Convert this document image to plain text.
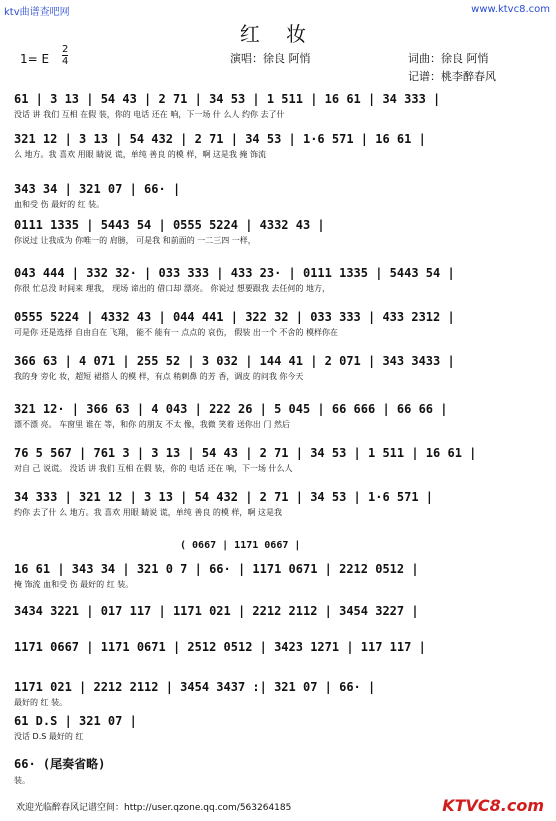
ktv曲谱查吧网	www.ktvc8.com
红 妆
1= E
2
4	演唱：徐良 阿悄	词曲：徐良 阿悄
记谱：桃李醉春风
61 | 3 13 | 54 43 | 2 71 | 34 53 | 1 511 | 16 61 | 34 333 |
没话 讲 我们 互相 在假 装，你的 电话 还在 响，下一场 什 么人 约你 去了什
321 12 | 3 13 | 54 432 | 2 71 | 34 53 | 1·6 571 | 16 61 |
么 地方。我 喜欢 用眼 睛说 谎，单纯 善良 的模 样，啊 这是我 掩 饰流
343 34 | 321 07 | 66· |
血和受 伤 最好的 红 装。
0111 1335 | 5443 54 | 0555 5224 | 4332 43 |
你说过 让我成为 你唯一的 肩膀， 可是我 和前面的 一二三四 一样，
043 444 | 332 32· | 033 333 | 433 23· | 0111 1335 | 5443 54 |
你很 忙总没 时间来 理我， 现场 谛出的 借口却 漂亮。 你说过 想要跟我 去任何的 地方，
0555 5224 | 4332 43 | 044 441 | 322 32 | 033 333 | 433 2312 |
可是你 还是选择 自由自在 飞翔， 能不 能有一 点点的 哀伤， 假装 出一个 不舍的 模样你在
366 63 | 4 071 | 255 52 | 3 032 | 144 41 | 2 071 | 343 3433 |
我的身 旁化 妆，超短 裙搭人 的模 样，有点 稍刺鼻 的芳 香，调皮 的问我 你今天
321 12· | 366 63 | 4 043 | 222 26 | 5 045 | 66 666 | 66 66 |
漂不漂 亮。 车窗里 谁在 等，和你 的朋友 不太 像，我微 笑着 送你出 门 然后
76 5 567 | 761 3 | 3 13 | 54 43 | 2 71 | 34 53 | 1 511 | 16 61 |
对自 己 说谎。 没话 讲 我们 互相 在假 装，你的 电话 还在 响，下一场 什么人
34 333 | 321 12 | 3 13 | 54 432 | 2 71 | 34 53 | 1·6 571 |
约你 去了什 么 地方。我 喜欢 用眼 睛说 谎，单纯 善良 的模 样，啊 这是我
16 61 | 343 34 | 321 0 7 | 66· | 1171 0671 | 2212 0512 |
掩 饰流 血和受 伤 最好的 红 装。
3434 3221 | 017 117 | 1171 021 | 2212 2112 | 3454 3227 |
1171 0667 | 1171 0671 | 2512 0512 | 3423 1271 | 117 117 |
1171 021 | 2212 2112 | 3454 3437 :| 321 07 | 66· |
最好的 红 装。
61 D.S | 321 07 |
没话 D.S 最好的 红
66· (尾奏省略)
装。
( 0667 | 1171 0667 |
欢迎光临醉春风记谱空间：http://user.qzone.qq.com/563264185	KTVC8.com
